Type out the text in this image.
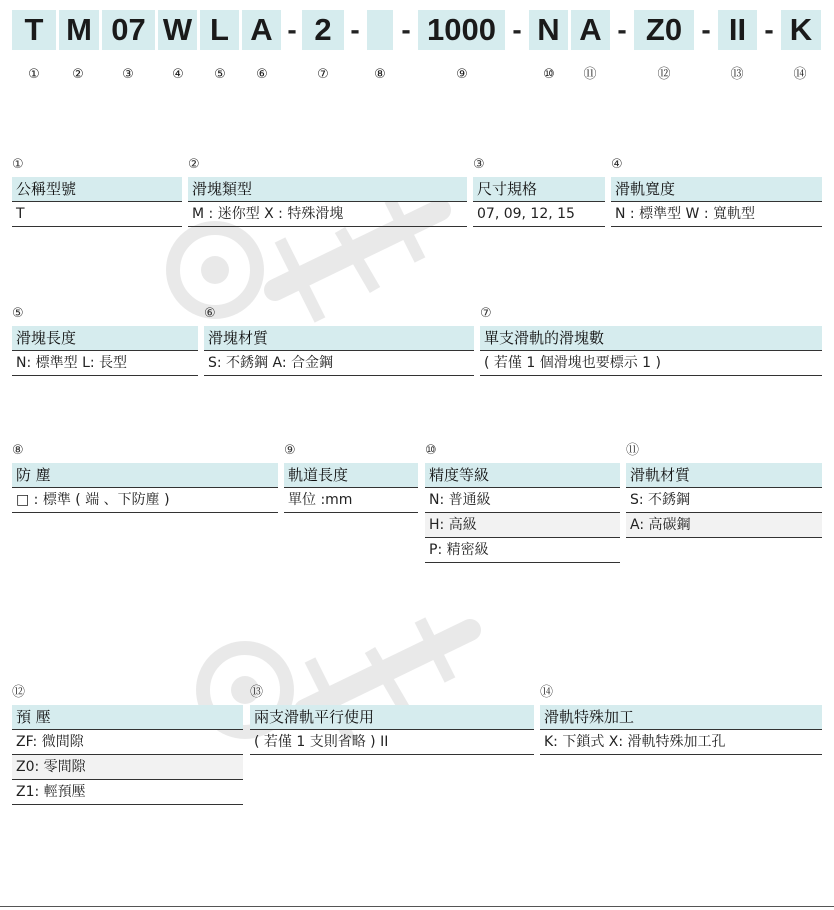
T M 07 W L A - 2 - - 1000 - N A - Z0 - II - K
① ②	③	④ ⑤ ⑥	⑦	⑧	⑨	⑩ ⑪	⑫	⑬	⑭
①
公稱型號
T
②
滑塊類型
M : 迷你型 X : 特殊滑塊
③
尺寸規格
07, 09, 12, 15
④
滑軌寬度
N : 標準型 W : 寬軌型
⑤
滑塊長度
N: 標準型 L: 長型
⑥
滑塊材質
S: 不銹鋼 A: 合金鋼
⑦
單支滑軌的滑塊數
( 若僅 1 個滑塊也要標示 1 )
⑧
防 塵
□ : 標準 ( 端 、下防塵 )
⑨
軌道長度
單位 :mm
⑩
精度等級
N: 普通級
H: 高級
P: 精密級
⑪
滑軌材質
S: 不銹鋼
A: 高碳鋼
⑫
預 壓
ZF: 微間隙
Z0: 零間隙
Z1: 輕預壓
⑬
兩支滑軌平行使用
( 若僅 1 支則省略 ) II
⑭
滑軌特殊加工
K: 下鎖式 X: 滑軌特殊加工孔
